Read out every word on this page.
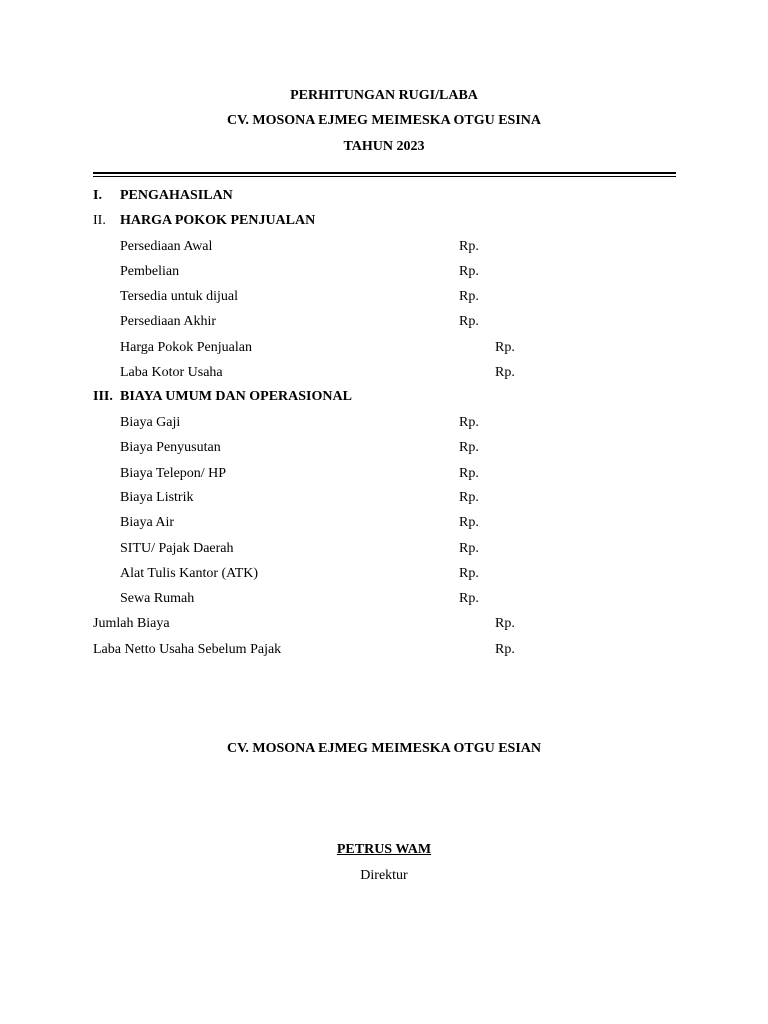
PERHITUNGAN RUGI/LABA
CV. MOSONA EJMEG MEIMESKA OTGU ESINA
TAHUN 2023
I. PENGAHASILAN
II. HARGA POKOK PENJUALAN
Persediaan Awal	Rp.
Pembelian	Rp.
Tersedia untuk dijual	Rp.
Persediaan Akhir	Rp.
Harga Pokok Penjualan	Rp.
Laba Kotor Usaha	Rp.
III. BIAYA UMUM DAN OPERASIONAL
Biaya Gaji	Rp.
Biaya Penyusutan	Rp.
Biaya Telepon/ HP	Rp.
Biaya Listrik	Rp.
Biaya Air	Rp.
SITU/ Pajak Daerah	Rp.
Alat Tulis Kantor (ATK)	Rp.
Sewa Rumah	Rp.
Jumlah Biaya	Rp.
Laba Netto Usaha Sebelum Pajak	Rp.
CV. MOSONA EJMEG MEIMESKA OTGU ESIAN
PETRUS WAM
Direktur
